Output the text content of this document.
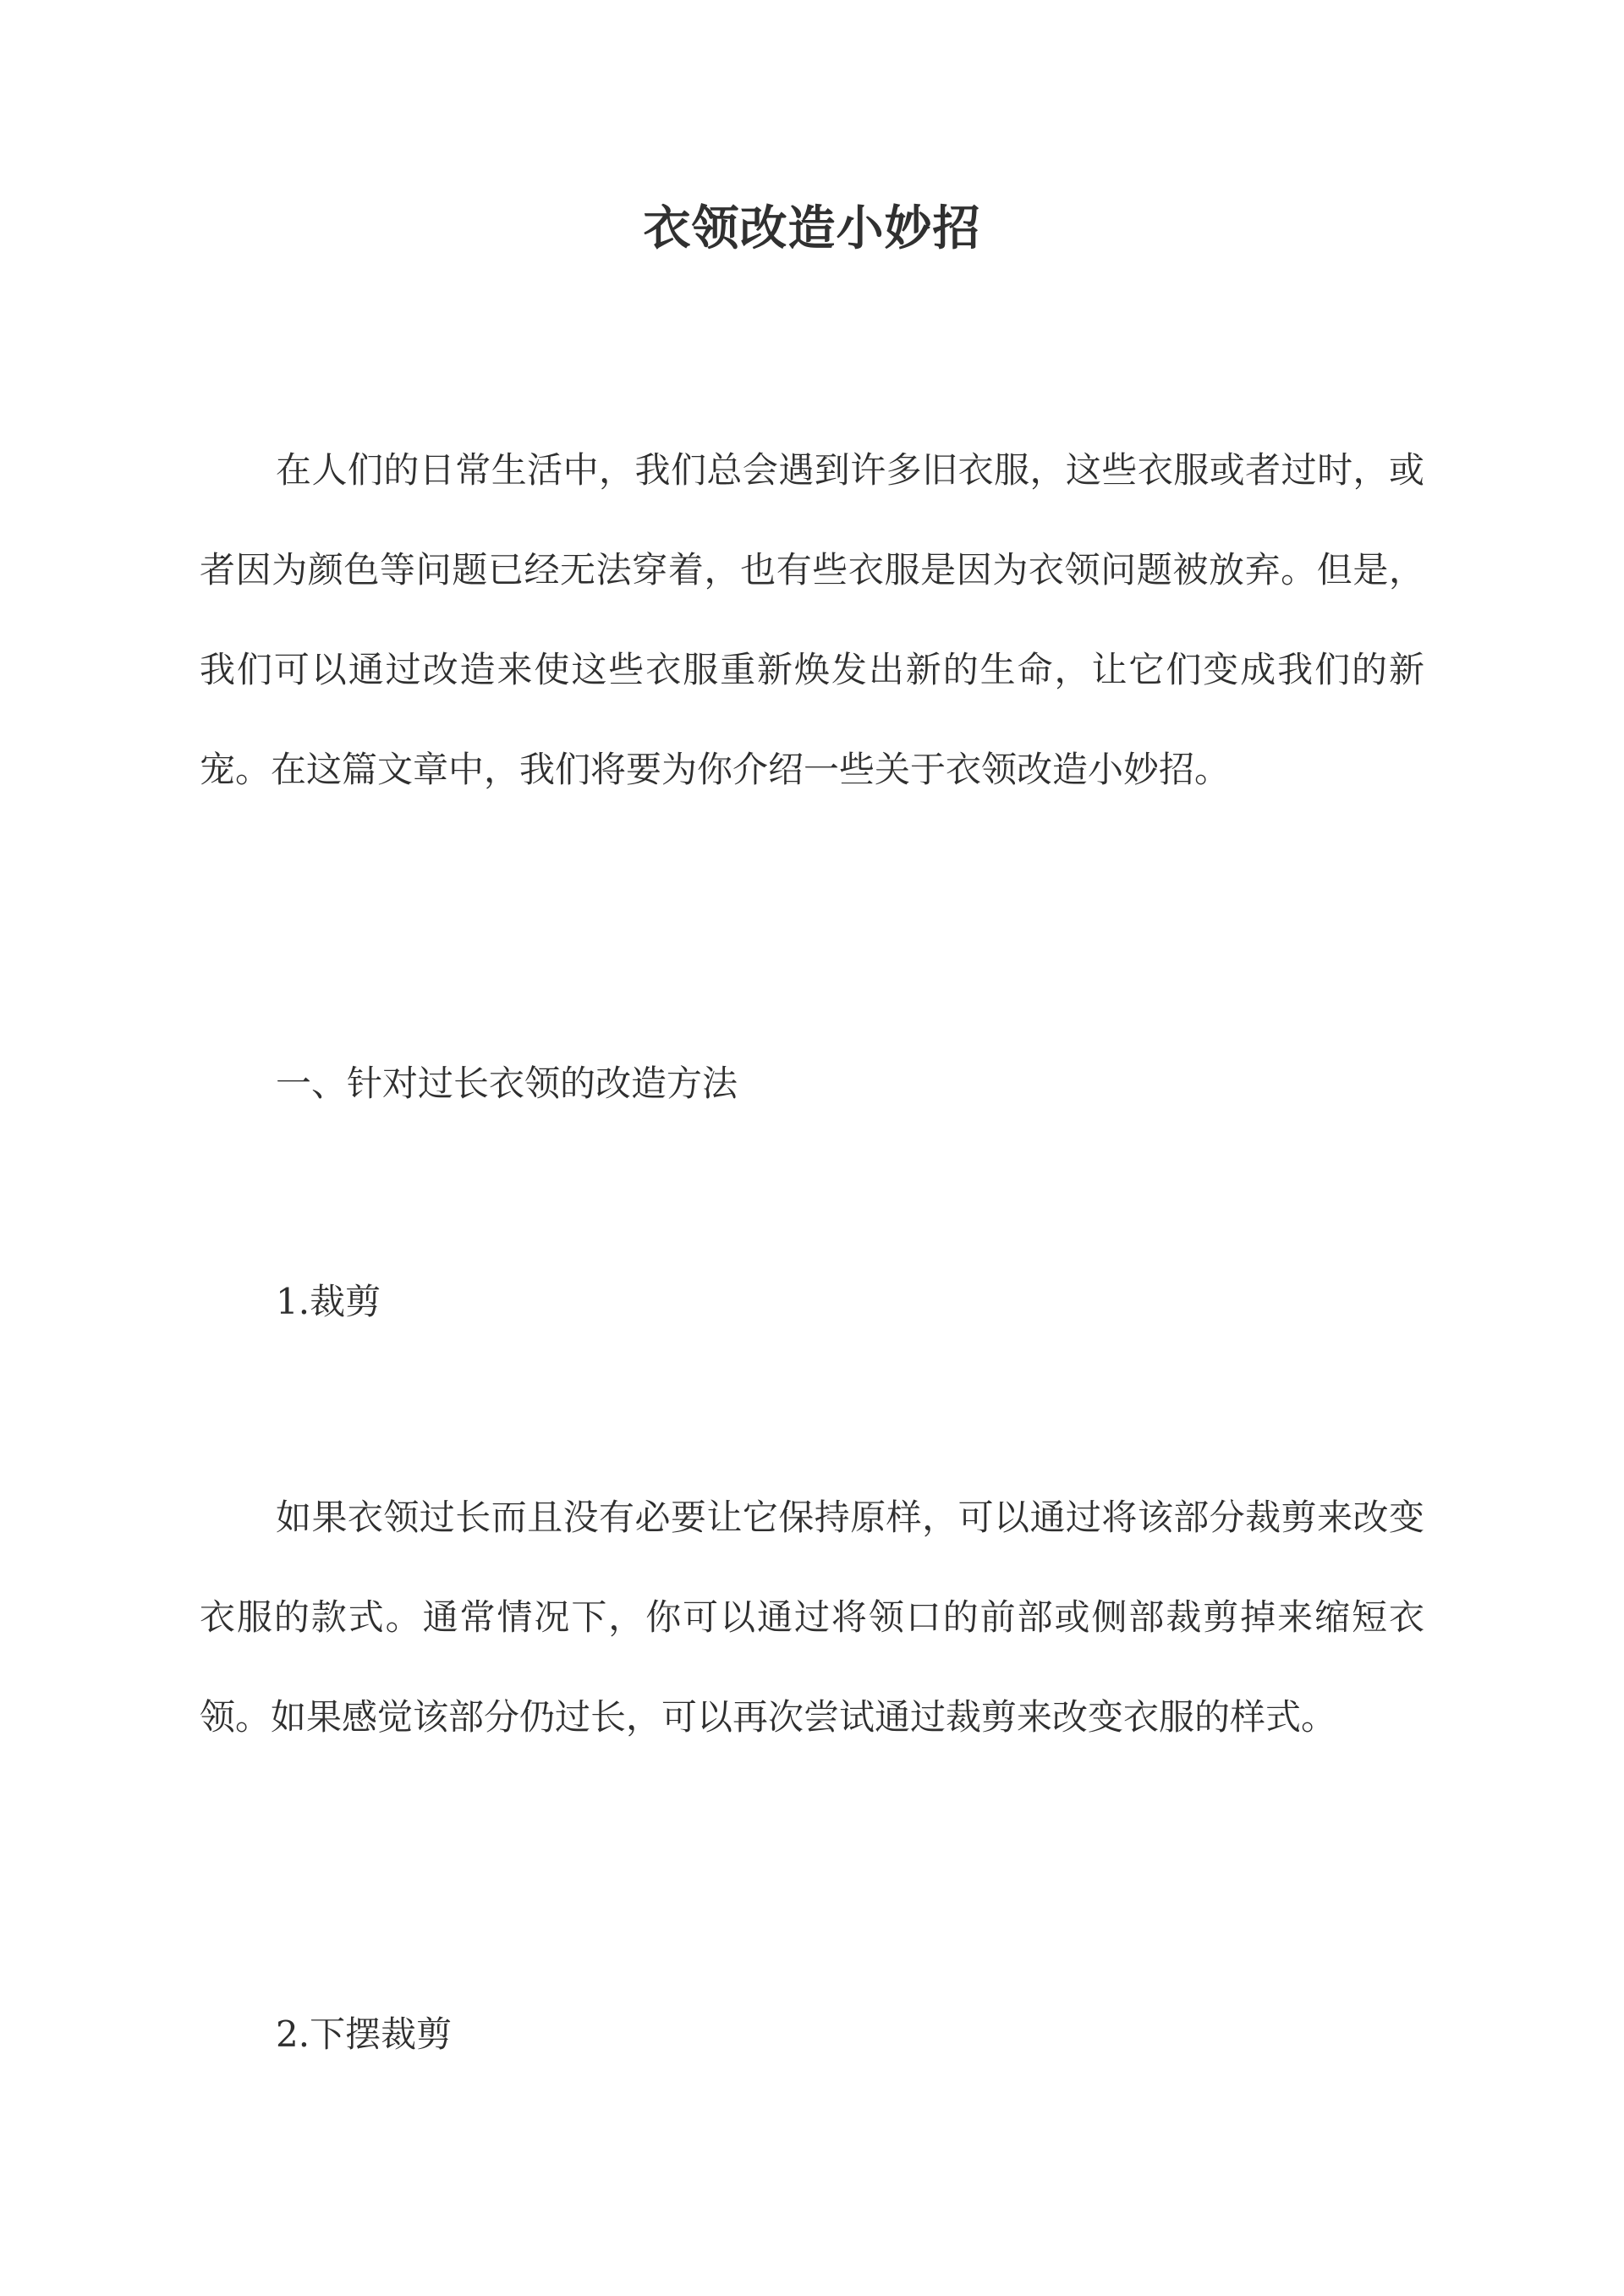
衣领改造小妙招
在人们的日常生活中，我们总会遇到许多旧衣服，这些衣服或者过时，或者因为颜色等问题已经无法穿着，也有些衣服是因为衣领问题被放弃。但是，我们可以通过改造来使这些衣服重新焕发出新的生命，让它们变成我们的新宠。在这篇文章中，我们将要为你介绍一些关于衣领改造小妙招。
一、针对过长衣领的改造方法
1.裁剪
如果衣领过长而且没有必要让它保持原样，可以通过将该部分裁剪来改变衣服的款式。通常情况下，你可以通过将领口的前部或侧部裁剪掉来缩短衣领。如果感觉该部分仍过长，可以再次尝试通过裁剪来改变衣服的样式。
2.下摆裁剪
